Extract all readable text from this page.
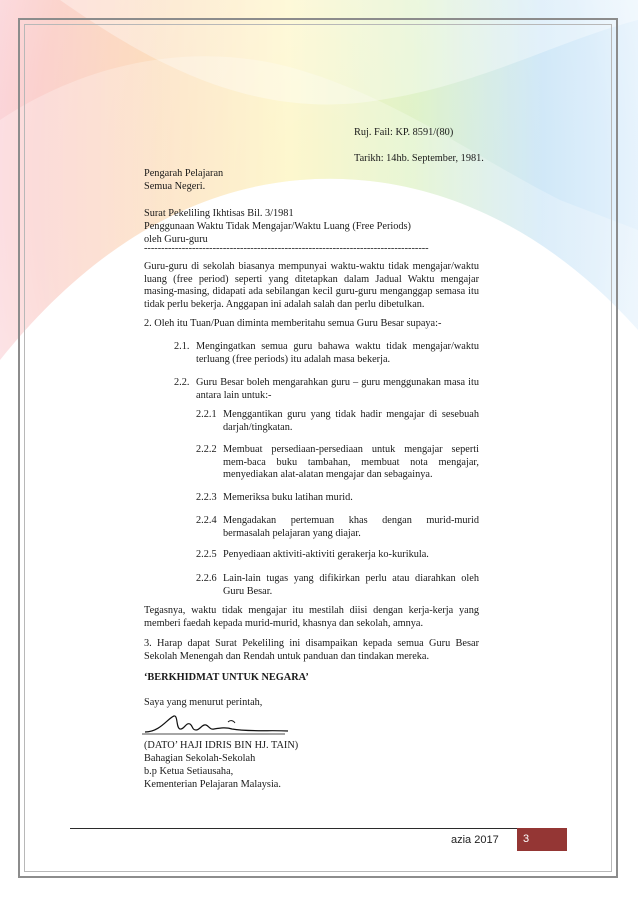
Ruj. Fail: KP. 8591/(80)
Tarikh: 14hb. September, 1981.
Pengarah Pelajaran
Semua Negeri.
Surat Pekeliling Ikhtisas Bil. 3/1981
Penggunaan Waktu Tidak Mengajar/Waktu Luang (Free Periods)
oleh Guru-guru
-----------------------------------------------------------------------------------
Guru-guru di sekolah biasanya mempunyai waktu-waktu tidak mengajar/waktu luang (free period) seperti yang ditetapkan dalam Jadual Waktu mengajar masing-masing, didapati ada sebilangan kecil guru-guru menganggap semasa itu tidak perlu bekerja. Anggapan ini adalah salah dan perlu dibetulkan.
2. Oleh itu Tuan/Puan diminta memberitahu semua Guru Besar supaya:-
2.1. Mengingatkan semua guru bahawa waktu tidak mengajar/waktu terluang (free periods) itu adalah masa bekerja.
2.2. Guru Besar boleh mengarahkan guru – guru menggunakan masa itu antara lain untuk:-
2.2.1 Menggantikan guru yang tidak hadir mengajar di sesebuah darjah/tingkatan.
2.2.2 Membuat persediaan-persediaan untuk mengajar seperti mem-baca buku tambahan, membuat nota mengajar, menyediakan alat-alatan mengajar dan sebagainya.
2.2.3 Memeriksa buku latihan murid.
2.2.4 Mengadakan pertemuan khas dengan murid-murid bermasalah pelajaran yang diajar.
2.2.5 Penyediaan aktiviti-aktiviti gerakerja ko-kurikula.
2.2.6 Lain-lain tugas yang difikirkan perlu atau diarahkan oleh Guru Besar.
Tegasnya, waktu tidak mengajar itu mestilah diisi dengan kerja-kerja yang memberi faedah kepada murid-murid, khasnya dan sekolah, amnya.
3. Harap dapat Surat Pekeliling ini disampaikan kepada semua Guru Besar Sekolah Menengah dan Rendah untuk panduan dan tindakan mereka.
‘BERKHIDMAT UNTUK NEGARA’
Saya yang menurut perintah,
(DATO’ HAJI IDRIS BIN HJ. TAIN)
Bahagian Sekolah-Sekolah
b.p Ketua Setiausaha,
Kementerian Pelajaran Malaysia.
azia 2017	3
